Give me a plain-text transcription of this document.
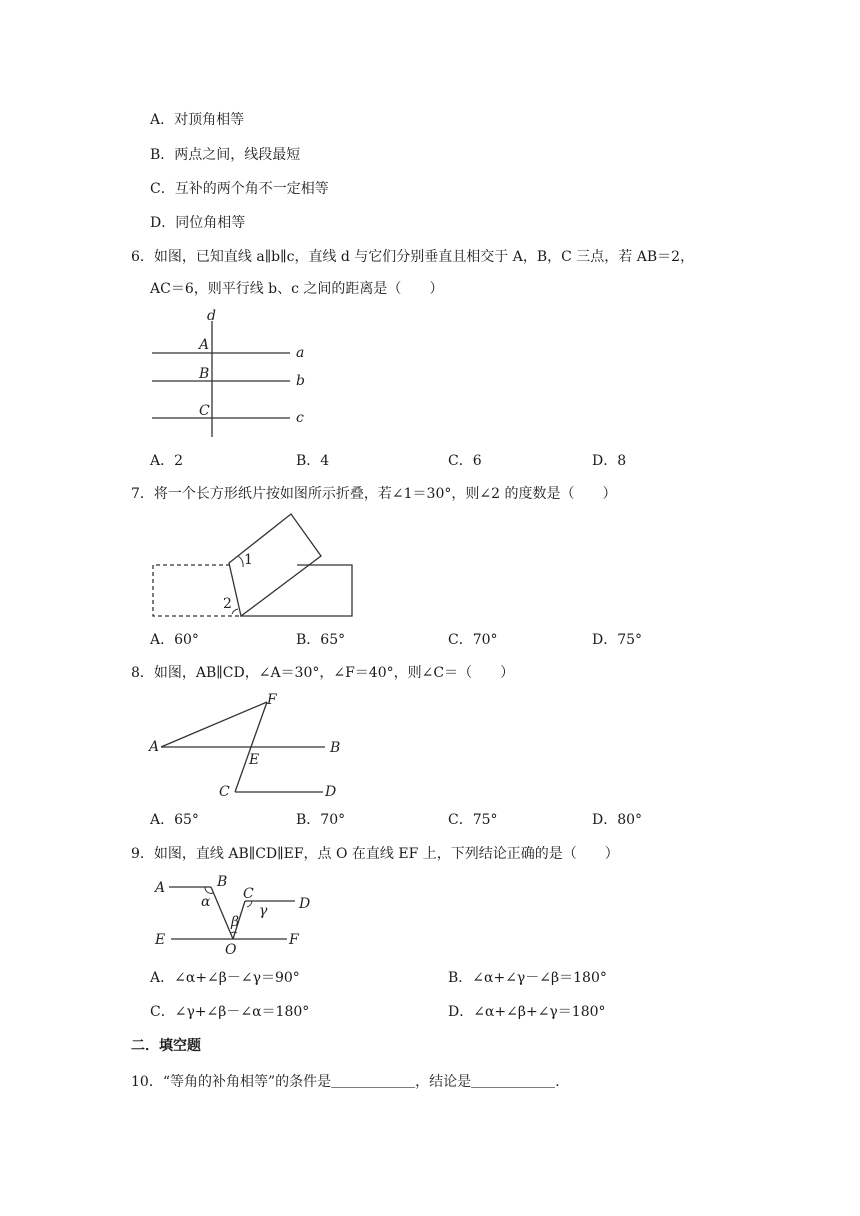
A．对顶角相等
B．两点之间，线段最短
C．互补的两个角不一定相等
D．同位角相等
6．如图，已知直线 a∥b∥c，直线 d 与它们分别垂直且相交于 A，B，C 三点，若 AB＝2，
AC＝6，则平行线 b、c 之间的距离是（　　）
d
A
B
C
a
b
c
A．2	B．4	C．6	D．8
7．将一个长方形纸片按如图所示折叠，若∠1＝30°，则∠2 的度数是（　　）
1
2
A．60°	B．65°	C．70°	D．75°
8．如图，AB∥CD，∠A＝30°，∠F＝40°，则∠C＝（　　）
A	B
C	D
E
F
A．65°	B．70°	C．75°	D．80°
9．如图，直线 AB∥CD∥EF，点 O 在直线 EF 上，下列结论正确的是（　　）
A	B
C
D
E	F
O
α
β
γ
A．∠α+∠β－∠γ＝90°	B．∠α+∠γ－∠β＝180°
C．∠γ+∠β－∠α＝180°	D．∠α+∠β+∠γ＝180°
二．填空题
10．“等角的补角相等”的条件是＿＿＿＿＿＿，结论是＿＿＿＿＿＿.
